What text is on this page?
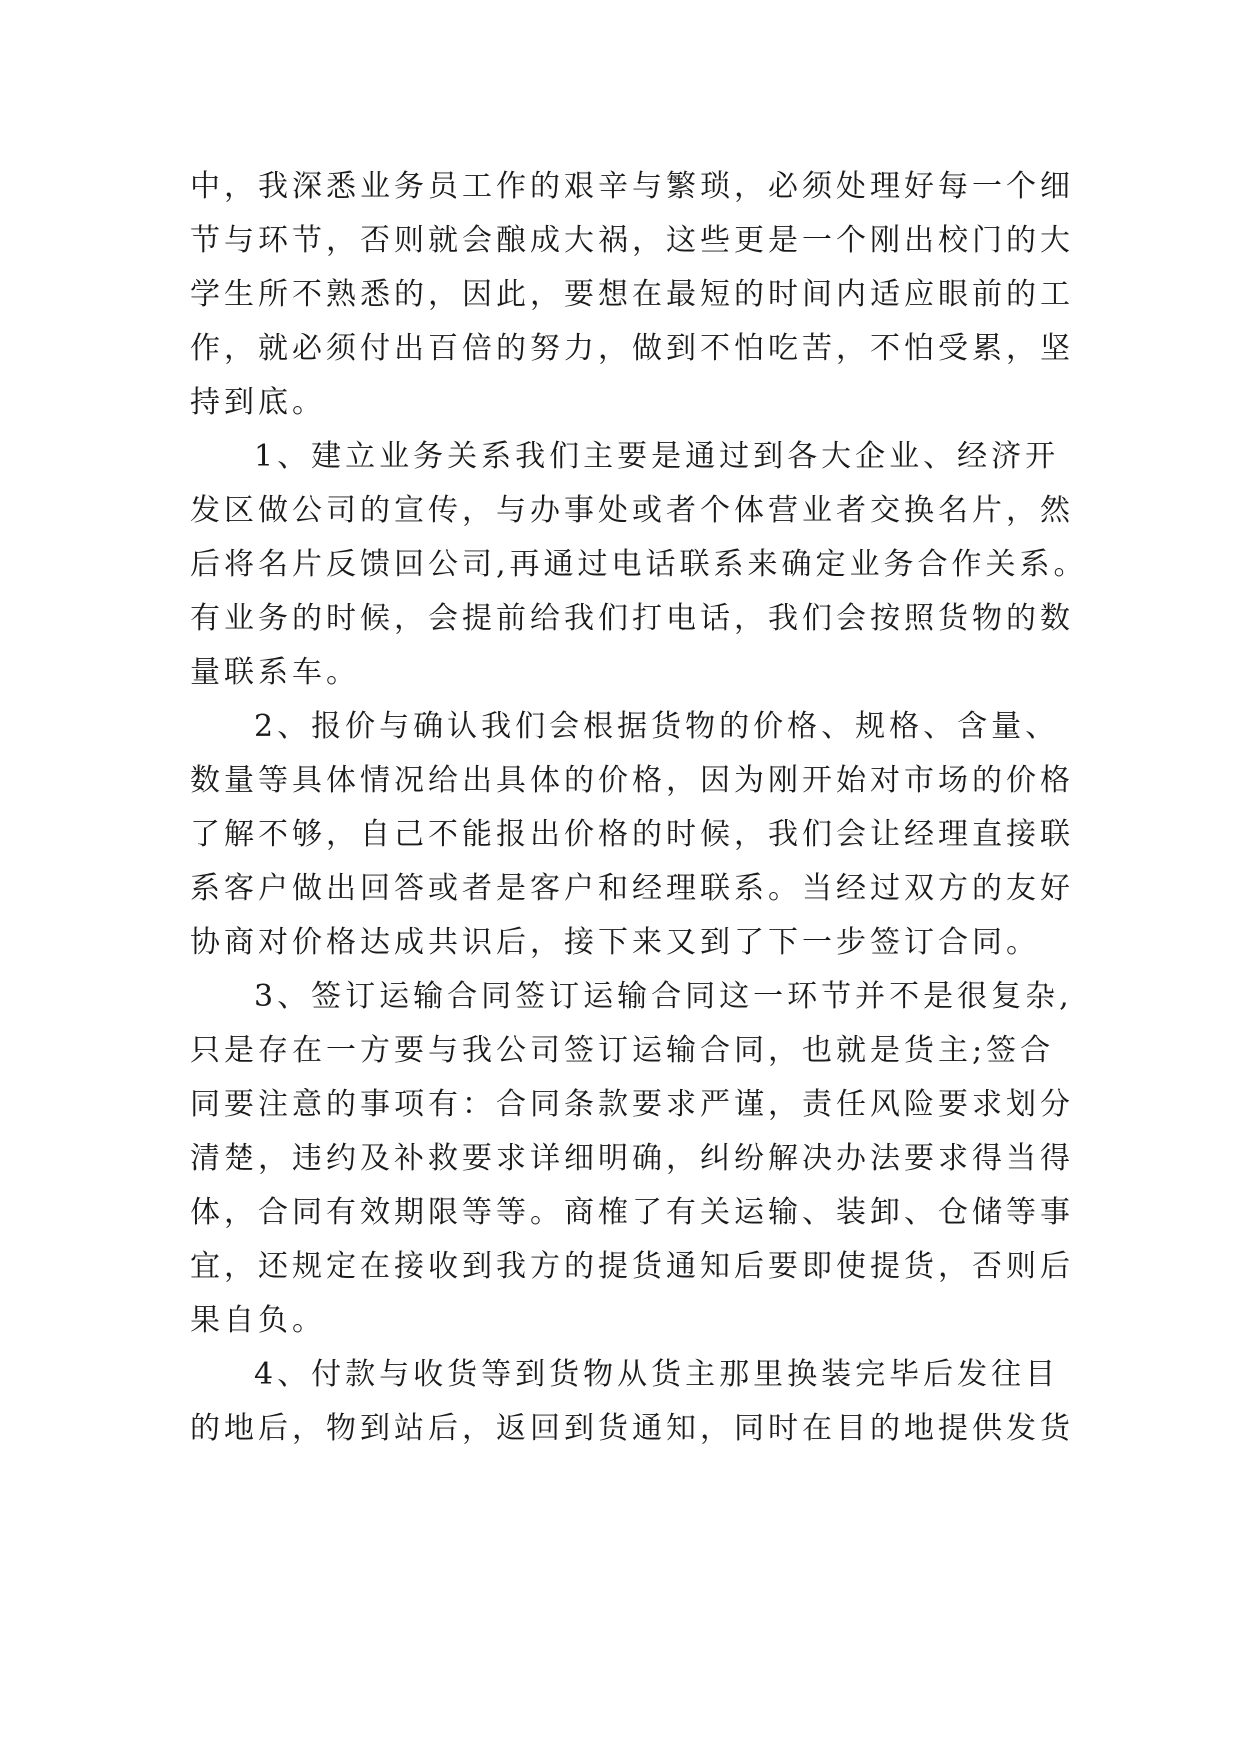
中，我深悉业务员工作的艰辛与繁琐，必须处理好每一个细
节与环节，否则就会酿成大祸，这些更是一个刚出校门的大
学生所不熟悉的，因此，要想在最短的时间内适应眼前的工
作，就必须付出百倍的努力，做到不怕吃苦，不怕受累，坚
持到底。
1、建立业务关系我们主要是通过到各大企业、经济开
发区做公司的宣传，与办事处或者个体营业者交换名片，然
后将名片反馈回公司,再通过电话联系来确定业务合作关系。
有业务的时候，会提前给我们打电话，我们会按照货物的数
量联系车。
2、报价与确认我们会根据货物的价格、规格、含量、
数量等具体情况给出具体的价格，因为刚开始对市场的价格
了解不够，自己不能报出价格的时候，我们会让经理直接联
系客户做出回答或者是客户和经理联系。当经过双方的友好
协商对价格达成共识后，接下来又到了下一步签订合同。
3、签订运输合同签订运输合同这一环节并不是很复杂,
只是存在一方要与我公司签订运输合同，也就是货主;签合
同要注意的事项有：合同条款要求严谨，责任风险要求划分
清楚，违约及补救要求详细明确，纠纷解决办法要求得当得
体，合同有效期限等等。商榷了有关运输、装卸、仓储等事
宜，还规定在接收到我方的提货通知后要即使提货，否则后
果自负。
4、付款与收货等到货物从货主那里换装完毕后发往目
的地后，物到站后，返回到货通知，同时在目的地提供发货
